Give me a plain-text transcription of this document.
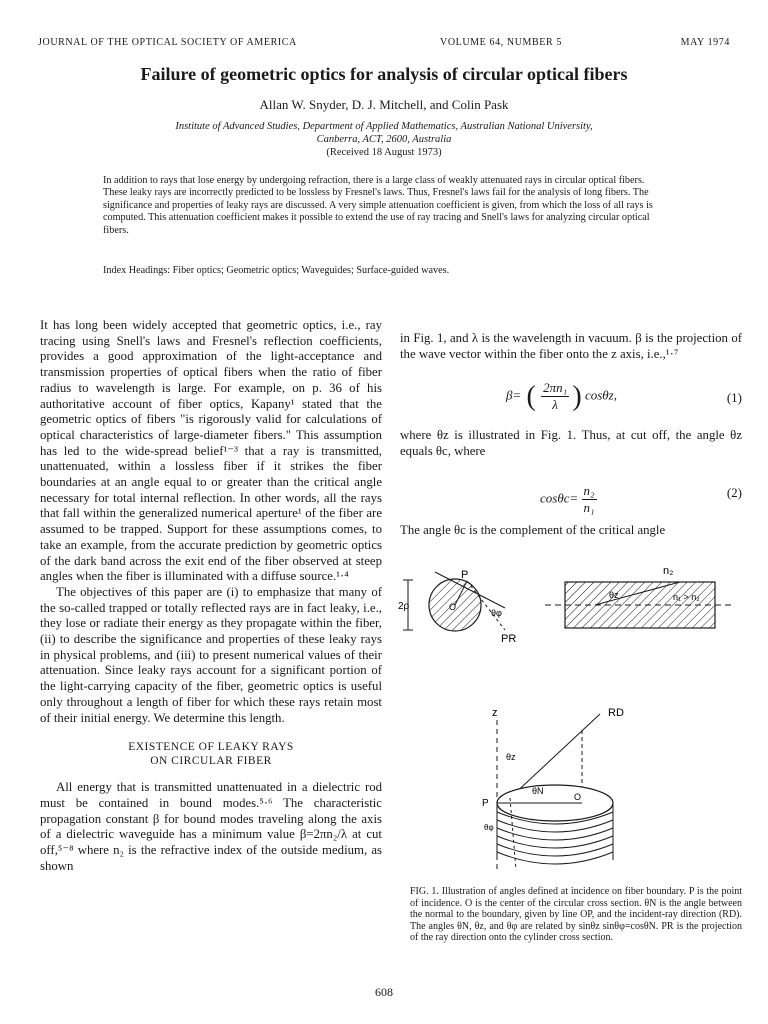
JOURNAL OF THE OPTICAL SOCIETY OF AMERICA	VOLUME 64, NUMBER 5	MAY 1974
Failure of geometric optics for analysis of circular optical fibers
Allan W. Snyder, D. J. Mitchell, and Colin Pask
Institute of Advanced Studies, Department of Applied Mathematics, Australian National University,
Canberra, ACT, 2600, Australia
(Received 18 August 1973)

In addition to rays that lose energy by undergoing refraction, there is a large class of weakly attenuated rays in circular optical fibers. These leaky rays are incorrectly predicted to be lossless by Fresnel's laws. Thus, Fresnel's laws fail for the analysis of long fibers. The significance and properties of leaky rays are discussed. A very simple attenuation coefficient is given, from which the loss of all rays is computed. This attenuation coefficient makes it possible to extend the use of ray tracing and Snell's laws for analyzing circular optical fibers.

Index Headings: Fiber optics; Geometric optics; Waveguides; Surface-guided waves.

It has long been widely accepted that geometric optics, i.e., ray tracing using Snell's laws and Fresnel's reflection coefficients, provides a good approximation of the light-acceptance and transmission properties of optical fibers when the ratio of fiber radius to wavelength is large. For example, on p. 36 of his authoritative account of fiber optics, Kapany¹ stated that the geometric optics of fibers "is rigorously valid for calculations of optical characteristics of large-diameter fibers." This assumption has led to the wide-spread belief¹⁻³ that a ray is transmitted, unattenuated, within a lossless fiber if it strikes the fiber boundaries at an angle equal to or greater than the critical angle necessary for total internal reflection. In other words, all the rays that fall within the generalized numerical aperture¹ of the fiber are assumed to be trapped. Support for these assumptions comes, to take an example, from the accurate prediction by geometric optics of the dark band across the exit end of the fiber observed at steep angles when the fiber is illuminated with a diffuse source.¹·⁴

The objectives of this paper are (i) to emphasize that many of the so-called trapped or totally reflected rays are in fact leaky, i.e., they lose or radiate their energy as they propagate within the fiber, (ii) to describe the significance and properties of these leaky rays in physical problems, and (iii) to present numerical values of their attenuation. Since leaky rays account for a significant portion of the light-carrying capacity of the fiber, geometric optics is useful only throughout a length of fiber for which these rays retain most of their initial energy. We determine this length.

EXISTENCE OF LEAKY RAYS
ON CIRCULAR FIBER

All energy that is transmitted unattenuated in a dielectric rod must be contained in bound modes.⁵·⁶ The characteristic propagation constant β for bound modes traveling along the axis of a dielectric waveguide has a minimum value β=2πn₂/λ at cut off,⁵⁻⁸ where n₂ is the refractive index of the outside medium, as shown

in Fig. 1, and λ is the wavelength in vacuum. β is the projection of the wave vector within the fiber onto the z axis, i.e.,¹·⁷

β= ( $\frac{\text{2πn₁}}{\lambda}$ ) cosθz,	(1)

where θz is illustrated in Fig. 1. Thus, at cut off, the angle θz equals θc, where

$\cos\theta c= \frac{\text{n₂}}{\text{n₁}}$	(2)

The angle θc is the complement of the critical angle

2ρ
P
O
θφ
PR
n₂
θz	n₁ > n₂
z	RD
θz
θN
O
P
θφ

FIG. 1. Illustration of angles defined at incidence on fiber boundary. P is the point of incidence. O is the center of the circular cross section. θN is the angle between the normal to the boundary, given by line OP, and the incident-ray direction (RD). The angles θN, θz, and θφ are related by sinθz sinθφ=cosθN. PR is the projection of the ray direction onto the cylinder cross section.

608
